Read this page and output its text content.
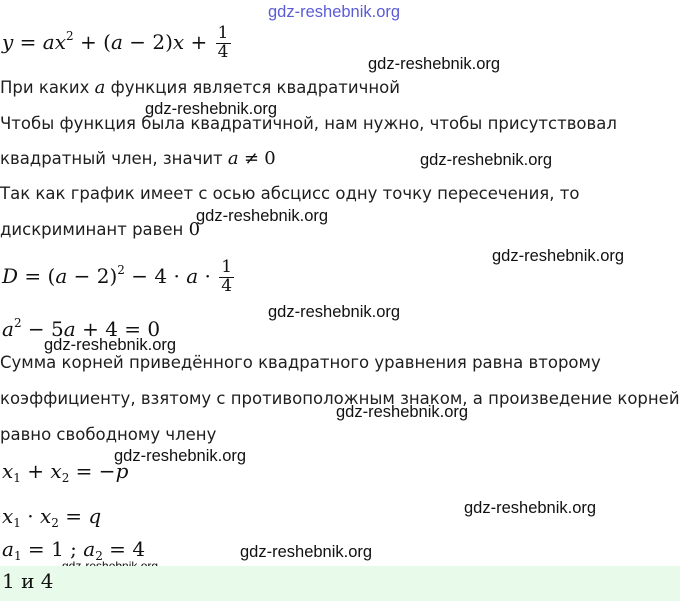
gdz-reshebnik.org
gdz-reshebnik.org
gdz-reshebnik.org
gdz-reshebnik.org
gdz-reshebnik.org
gdz-reshebnik.org
gdz-reshebnik.org
gdz-reshebnik.org
gdz-reshebnik.org
gdz-reshebnik.org
gdz-reshebnik.org
gdz-reshebnik.org
$y = ax^2 + (a - 2)x + \frac{1}{4}$
При каких a функция является квадратичной
Чтобы функция была квадратичной, нам нужно, чтобы присутствовал
квадратный член, значит a ≠ 0
Так как график имеет с осью абсцисс одну точку пересечения, то
дискриминант равен 0
$D = (a - 2)^2 - 4 \cdot a \cdot \frac{1}{4}$
$a^2 - 5a + 4 = 0$
Сумма корней приведённого квадратного уравнения равна второму
коэффициенту, взятому с противоположным знаком, а произведение корней
равно свободному члену
$x_1 + x_2 = -p$
$x_1 \cdot x_2 = q$
$a_1 = 1$ ; $a_2 = 4$
1 и 4
